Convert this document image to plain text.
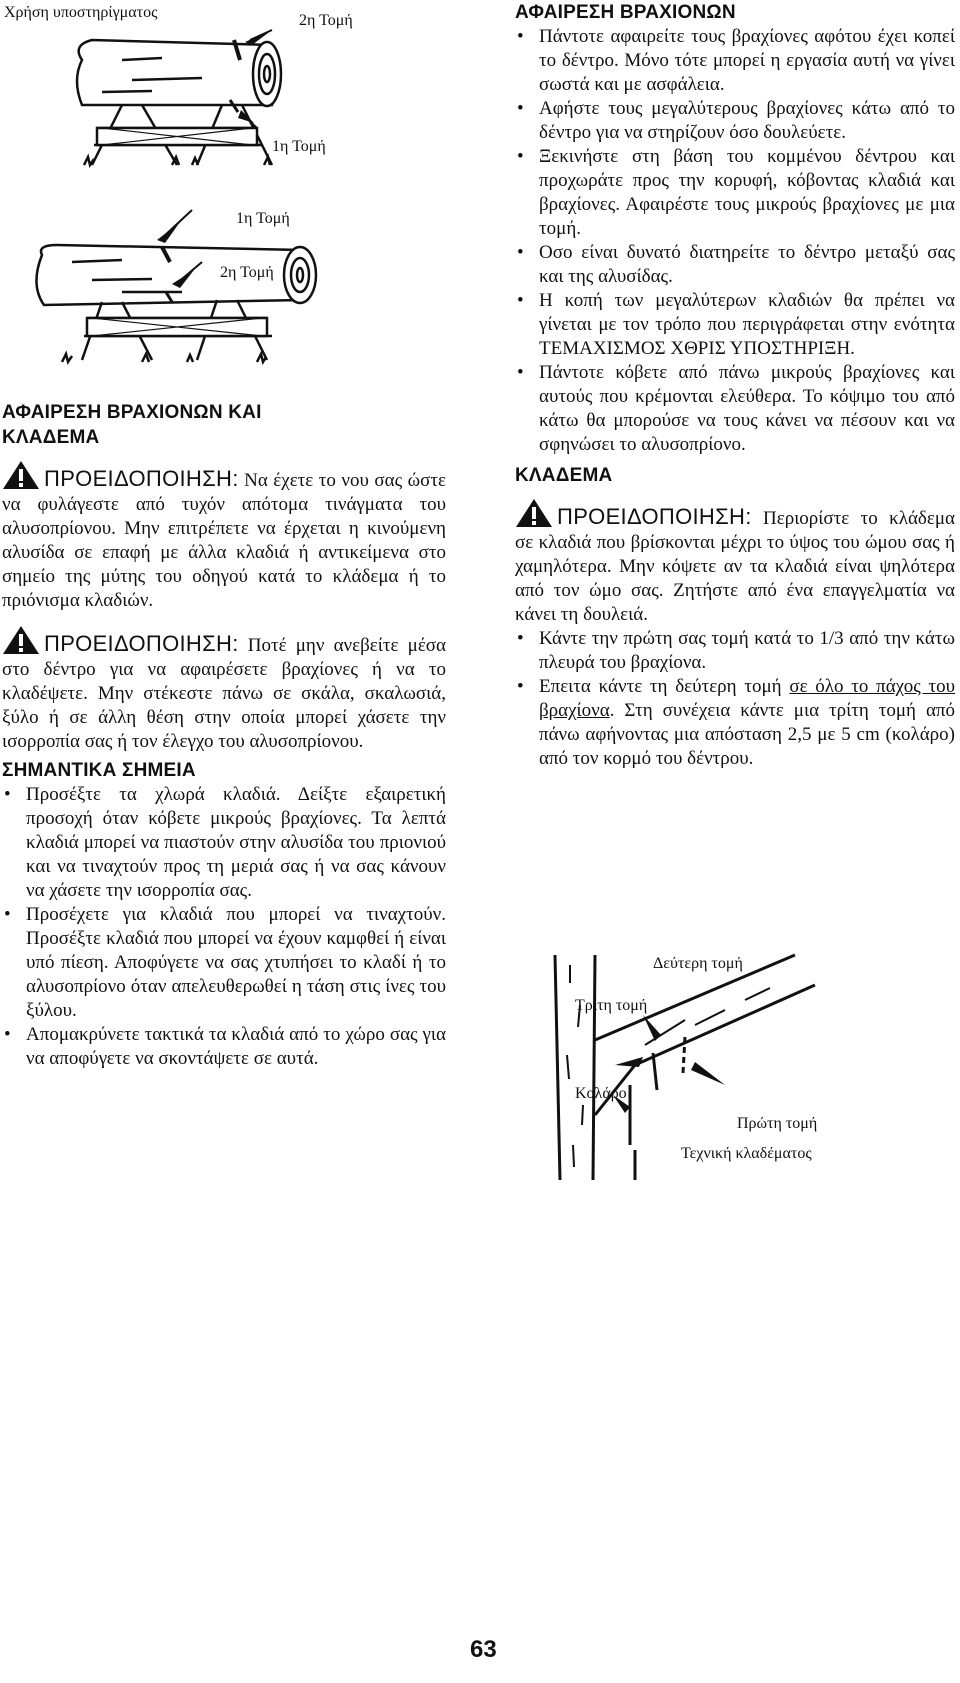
Χρήση υποστηρίγματος	2η Τομή
1η Τομή
1η Τομή
2η Τομή
ΑΦΑΙΡΕΣΗ ΒΡΑΧΙΟΝΩΝ ΚΑΙ
ΚΛΑΔΕΜΑ

ΠΡΟΕΙΔΟΠΟΙΗΣΗ: Να έχετε το νου σας ώστε να φυλάγεστε από τυχόν απότομα τινάγματα του αλυσοπρίονου. Μην επιτρέπετε να έρχεται η κινούμενη αλυσίδα σε επαφή με άλλα κλαδιά ή αντικείμενα στο σημείο της μύτης του οδηγού κατά το κλάδεμα ή το πριόνισμα κλαδιών.

ΠΡΟΕΙΔΟΠΟΙΗΣΗ: Ποτέ μην ανεβείτε μέσα στο δέντρο για να αφαιρέσετε βραχίονες ή να το κλαδέψετε. Μην στέκεστε πάνω σε σκάλα, σκαλωσιά, ξύλο ή σε άλλη θέση στην οποία μπορεί χάσετε την ισορροπία σας ή τον έλεγχο του αλυσοπρίονου.

ΣΗΜΑΝΤΙΚΑ ΣΗΜΕΙΑ
• Προσέξτε τα χλωρά κλαδιά. Δείξτε εξαιρετική προσοχή όταν κόβετε μικρούς βραχίονες. Τα λεπτά κλαδιά μπορεί να πιαστούν στην αλυσίδα του πριονιού και να τιναχτούν προς τη μεριά σας ή να σας κάνουν να χάσετε την ισορροπία σας.
• Προσέχετε για κλαδιά που μπορεί να τιναχτούν. Προσέξτε κλαδιά που μπορεί να έχουν καμφθεί ή είναι υπό πίεση. Αποφύγετε να σας χτυπήσει το κλαδί ή το αλυσοπρίονο όταν απελευθερωθεί η τάση στις ίνες του ξύλου.
• Απομακρύνετε τακτικά τα κλαδιά από το χώρο σας για να αποφύγετε να σκοντάψετε σε αυτά.
ΑΦΑΙΡΕΣΗ ΒΡΑΧΙΟΝΩΝ
• Πάντοτε αφαιρείτε τους βραχίονες αφότου έχει κοπεί το δέντρο. Μόνο τότε μπορεί η εργασία αυτή να γίνει σωστά και με ασφάλεια.
• Αφήστε τους μεγαλύτερους βραχίονες κάτω από το δέντρο για να στηρίζουν όσο δουλεύετε.
• Ξεκινήστε στη βάση του κομμένου δέντρου και προχωράτε προς την κορυφή, κόβοντας κλαδιά και βραχίονες. Αφαιρέστε τους μικρούς βραχίονες με μια τομή.
• Οσο είναι δυνατό διατηρείτε το δέντρο μεταξύ σας και της αλυσίδας.
• Η κοπή των μεγαλύτερων κλαδιών θα πρέπει να γίνεται με τον τρόπο που περιγράφεται στην ενότητα ΤΕΜΑΧΙΣΜΟΣ ΧΘΡΙΣ ΥΠΟΣΤΗΡΙΞΗ.
• Πάντοτε κόβετε από πάνω μικρούς βραχίονες και αυτούς που κρέμονται ελεύθερα. Το κόψιμο του από κάτω θα μπορούσε να τους κάνει να πέσουν και να σφηνώσει το αλυσοπρίονο.
ΚΛΑΔΕΜΑ

ΠΡΟΕΙΔΟΠΟΙΗΣΗ: Περιορίστε το κλάδεμα σε κλαδιά που βρίσκονται μέχρι το ύψος του ώμου σας ή χαμηλότερα. Μην κόψετε αν τα κλαδιά είναι ψηλότερα από τον ώμο σας. Ζητήστε από ένα επαγγελματία να κάνει τη δουλειά.

• Κάντε την πρώτη σας τομή κατά το 1/3 από την κάτω πλευρά του βραχίονα.
• Επειτα κάντε τη δεύτερη τομή σε όλο το πάχος του βραχίονα. Στη συνέχεια κάντε μια τρίτη τομή από πάνω αφήνοντας μια απόσταση 2,5 με 5 cm (κολάρο) από τον κορμό του δέντρου.
Δεύτερη τομή
Τρίτη τομή
Κολάρο
Πρώτη τομή
Τεχνική κλαδέματος
63
